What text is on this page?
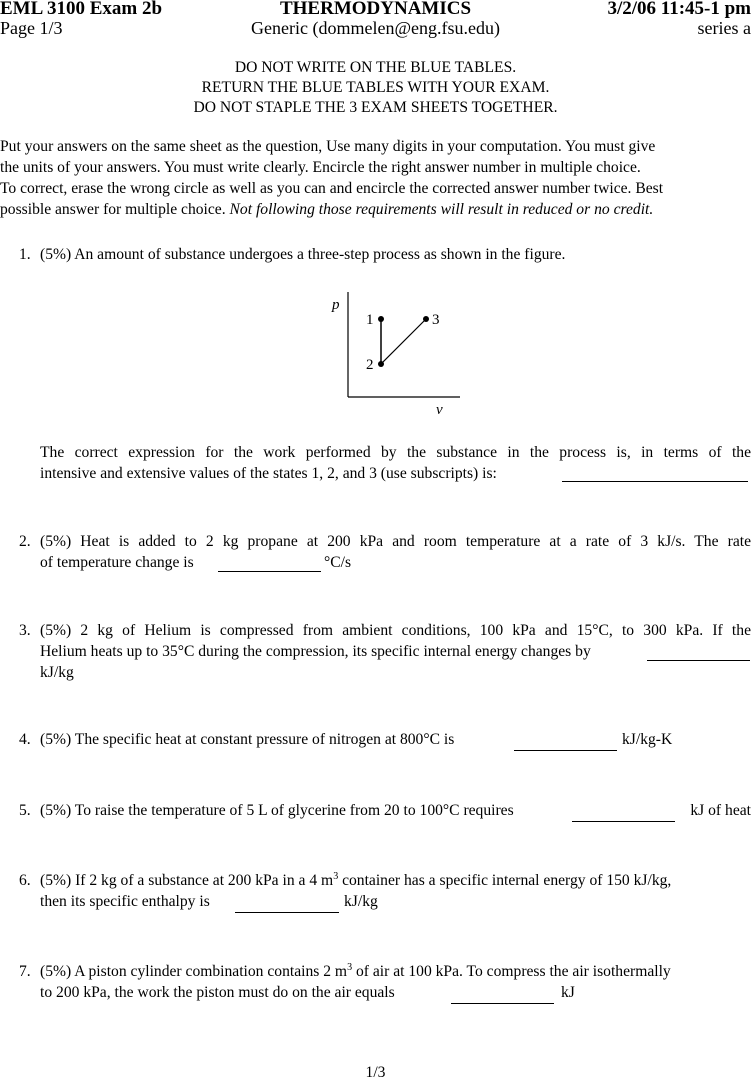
EML 3100 Exam 2b	THERMODYNAMICS	3/2/06 11:45-1 pm
Page 1/3	Generic (dommelen@eng.fsu.edu)	series a
DO NOT WRITE ON THE BLUE TABLES.
RETURN THE BLUE TABLES WITH YOUR EXAM.
DO NOT STAPLE THE 3 EXAM SHEETS TOGETHER.
Put your answers on the same sheet as the question, Use many digits in your computation. You must give
the units of your answers. You must write clearly. Encircle the right answer number in multiple choice.
To correct, erase the wrong circle as well as you can and encircle the corrected answer number twice. Best
possible answer for multiple choice. Not following those requirements will result in reduced or no credit.
1. (5%) An amount of substance undergoes a three-step process as shown in the figure.
p
v
1
2
3
The correct expression for the work performed by the substance in the process is, in terms of the
intensive and extensive values of the states 1, 2, and 3 (use subscripts) is:
2. (5%) Heat is added to 2 kg propane at 200 kPa and room temperature at a rate of 3 kJ/s. The rate
of temperature change is	°C/s
3. (5%) 2 kg of Helium is compressed from ambient conditions, 100 kPa and 15°C, to 300 kPa. If the
Helium heats up to 35°C during the compression, its specific internal energy changes by
kJ/kg
4. (5%) The specific heat at constant pressure of nitrogen at 800°C is	kJ/kg-K
5. (5%) To raise the temperature of 5 L of glycerine from 20 to 100°C requires	kJ of heat
6. (5%) If 2 kg of a substance at 200 kPa in a 4 $m^3$ container has a specific internal energy of 150 kJ/kg,
then its specific enthalpy is	kJ/kg
7. (5%) A piston cylinder combination contains 2 $m^3$ of air at 100 kPa. To compress the air isothermally
to 200 kPa, the work the piston must do on the air equals	kJ
1/3
